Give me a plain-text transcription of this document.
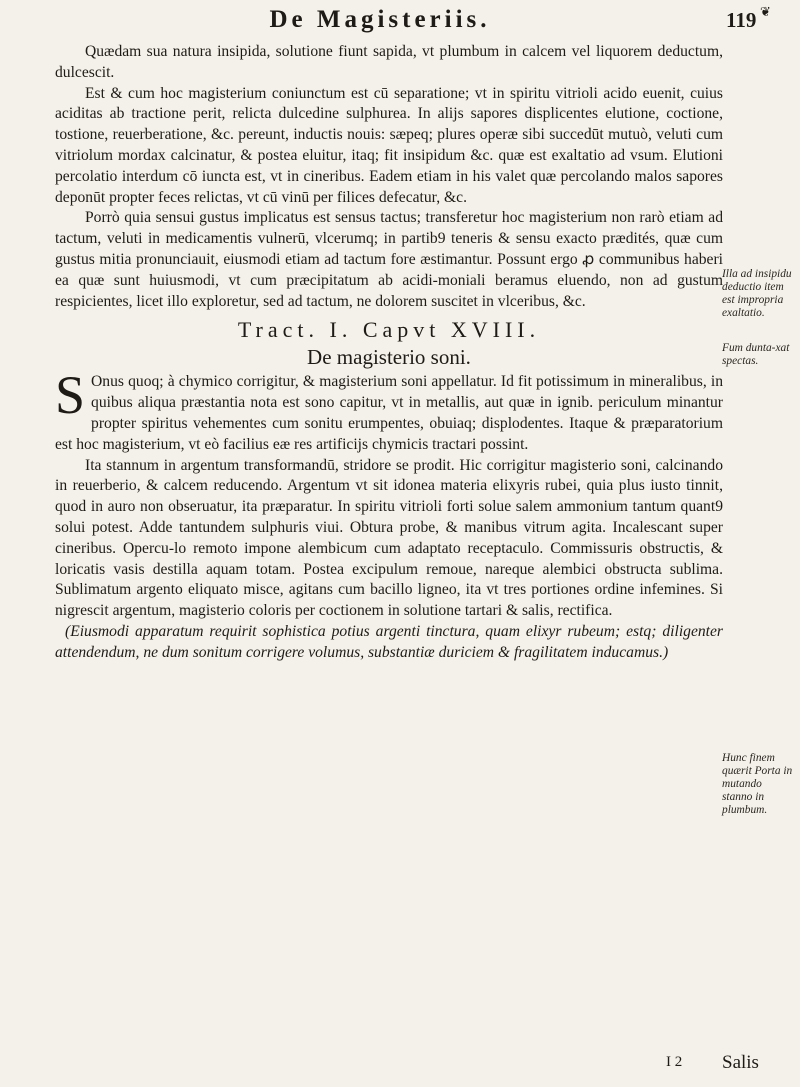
De Magisteriis.	119 ❦

Quædam sua natura insipida, solutione fiunt sapida, vt plumbum in calcem vel liquorem deductum, dulcescit.

Est & cum hoc magisterium coniunctum est cū separatione; vt in spiritu vitrioli acido euenit, cuius aciditas ab tractione perit, relicta dulcedine sulphurea. In alijs sapores displicentes elutione, coctione, tostione, reuerberatione, &c. pereunt, inductis nouis: sæpeq; plures operæ sibi succedūt mutuò, veluti cum vitriolum mordax calcinatur, & postea eluitur, itaq; fit insipidum &c. quæ est exaltatio ad vsum. Elutioni percolatio interdum cō iuncta est, vt in cineribus. Eadem etiam in his valet quæ percolando malos sapores deponūt propter feces relictas, vt cū vinū per filices defecatur, &c.

Porrò quia sensui gustus implicatus est sensus tactus; transferetur hoc magisterium non rarò etiam ad tactum, veluti in medicamentis vulnerū, vlcerumq; in partib9 teneris & sensu exacto prædités, quæ cum gustus mitia pronunciauit, eiusmodi etiam ad tactum fore æstimantur. Possunt ergo ꝓ communibus haberi ea quæ sunt huiusmodi, vt cum præcipitatum ab acidi-moniali beramus eluendo, non ad gustum respicientes, licet illo exploretur, sed ad tactum, ne dolorem suscitet in vlceribus, &c.

Tract. I. Capvt XVIII.
De magisterio soni.

S Onus quoq; à chymico corrigitur, & magisterium soni appellatur. Id fit potissimum in mineralibus, in quibus aliqua præstantia nota est sono capitur, vt in metallis, aut quæ in ignib. periculum minantur propter spiritus vehementes cum sonitu erumpentes, obuiaq; displodentes. Itaque & præparatorium est hoc magisterium, vt eò facilius eæ res artificijs chymicis tractari possint.

Ita stannum in argentum transformandū, stridore se prodit. Hic corrigitur magisterio soni, calcinando in reuerberio, & calcem reducendo. Argentum vt sit idonea materia elixyris rubei, quia plus iusto tinnit, quod in auro non obseruatur, ita præparatur. In spiritu vitrioli forti solue salem ammonium tantum quant9 solui potest. Adde tantundem sulphuris viui. Obtura probe, & manibus vitrum agita. Incalescant super cineribus. Opercu-lo remoto impone alembicum cum adaptato receptaculo. Commissuris obstructis, & loricatis vasis destilla aquam totam. Postea excipulum remoue, nareque alembici obstructa sublima. Sublimatum argento eliquato misce, agitans cum bacillo ligneo, ita vt tres portiones ordine infemines. Si nigrescit argentum, magisterio coloris per coctionem in solutione tartari & salis, rectifica.

(Eiusmodi apparatum requirit sophistica potius argenti tinctura, quam elixyr rubeum; estq; diligenter attendendum, ne dum sonitum corrigere volumus, substantiæ duriciem & fragilitatem inducamus.)

Illa ad insipidu deductio item est impropria exaltatio.
Fum dunta-xat spectas.
Hunc finem quærit Porta in mutando stanno in plumbum.
I 2 Salis
